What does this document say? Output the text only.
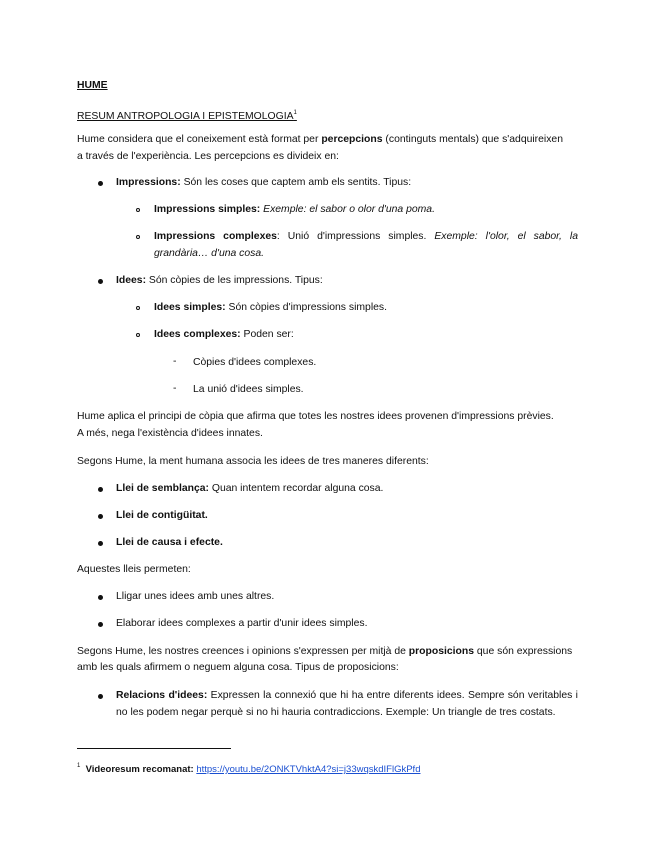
HUME
RESUM ANTROPOLOGIA I EPISTEMOLOGIA$^1$
Hume considera que el coneixement està format per percepcions (continguts mentals) que s'adquireixen
a través de l'experiència. Les percepcions es divideix en:
Impressions: Són les coses que captem amb els sentits. Tipus:
Impressions simples: Exemple: el sabor o olor d'una poma.
Impressions complexes: Unió d'impressions simples. Exemple: l'olor, el sabor, la
grandària… d'una cosa.
Idees: Són còpies de les impressions. Tipus:
Idees simples: Són còpies d'impressions simples.
Idees complexes: Poden ser:
- Còpies d'idees complexes.
- La unió d'idees simples.
Hume aplica el principi de còpia que afirma que totes les nostres idees provenen d'impressions prèvies.
A més, nega l'existència d'idees innates.
Segons Hume, la ment humana associa les idees de tres maneres diferents:
Llei de semblança: Quan intentem recordar alguna cosa.
Llei de contigüitat.
Llei de causa i efecte.
Aquestes lleis permeten:
Lligar unes idees amb unes altres.
Elaborar idees complexes a partir d'unir idees simples.
Segons Hume, les nostres creences i opinions s'expressen per mitjà de proposicions que són expressions
amb les quals afirmem o neguem alguna cosa. Tipus de proposicions:
Relacions d'idees: Expressen la connexió que hi ha entre diferents idees. Sempre són veritables i
no les podem negar perquè si no hi hauria contradiccions. Exemple: Un triangle de tres costats.
$^1$ Videoresum recomanat: https://youtu.be/2ONKTVhktA4?si=j33wqskdIFlGkPfd
